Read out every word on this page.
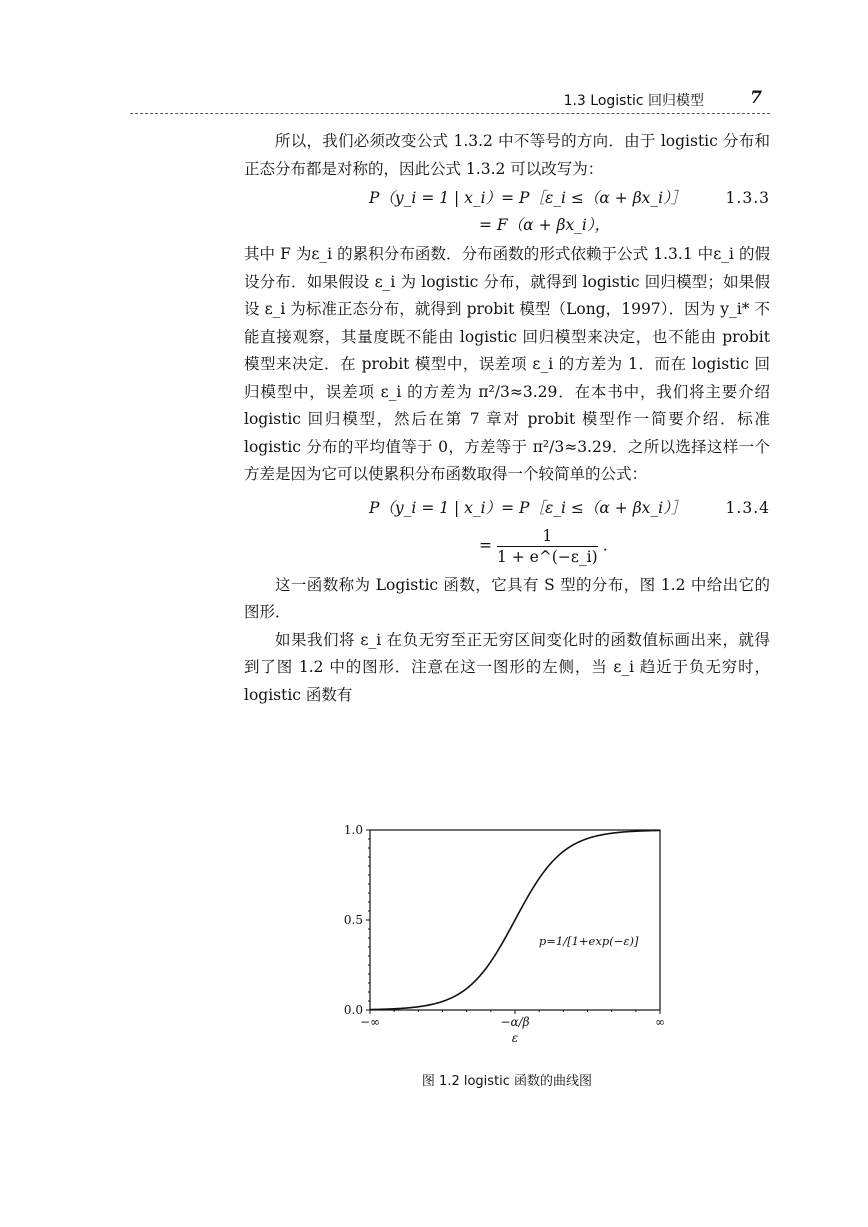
1.3 Logistic 回归模型	7

所以，我们必须改变公式 1.3.2 中不等号的方向．由于 logistic 分布和正态分布都是对称的，因此公式 1.3.2 可以改写为：

P（y_i = 1 | x_i）= P［ε_i ≤（α + βx_i）］	1.3.3
= F（α + βx_i），

其中 F 为ε_i 的累积分布函数．分布函数的形式依赖于公式 1.3.1 中ε_i 的假设分布．如果假设 ε_i 为 logistic 分布，就得到 logistic 回归模型；如果假设 ε_i 为标准正态分布，就得到 probit 模型（Long，1997）．因为 y_i* 不能直接观察，其量度既不能由 logistic 回归模型来决定，也不能由 probit 模型来决定．在 probit 模型中，误差项 ε_i 的方差为 1．而在 logistic 回归模型中，误差项 ε_i 的方差为 π²/3≈3.29．在本书中，我们将主要介绍 logistic 回归模型，然后在第 7 章对 probit 模型作一简要介绍．标准 logistic 分布的平均值等于 0，方差等于 π²/3≈3.29．之所以选择这样一个方差是因为它可以使累积分布函数取得一个较简单的公式：

P（y_i = 1 | x_i）= P［ε_i ≤（α + βx_i）］	1.3.4
= $\frac{1}{1 + e\^{}(-\varepsilon\_i)}$ ．

这一函数称为 Logistic 函数，它具有 S 型的分布，图 1.2 中给出它的图形．

如果我们将 ε_i 在负无穷至正无穷区间变化时的函数值标画出来，就得到了图 1.2 中的图形．注意在这一图形的左侧，当 ε_i 趋近于负无穷时，logistic 函数有

0.0
0.5
1.0
−∞	−α/β	∞
ε
p=1/[1+exp(−ε)]
图 1.2 logistic 函数的曲线图
